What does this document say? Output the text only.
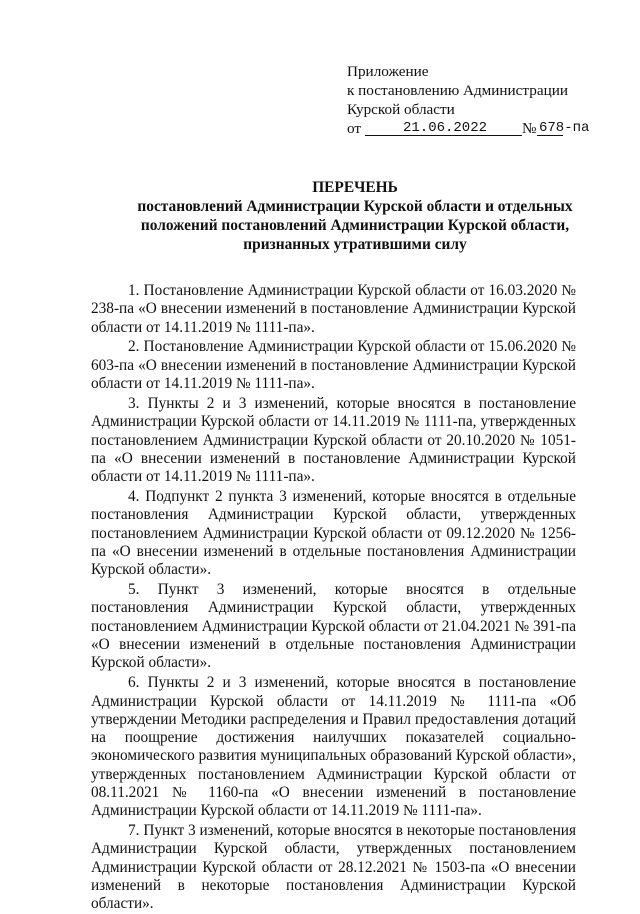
Приложение
к постановлению Администрации
Курской области
от	21.06.2022	№ 678-па
ПЕРЕЧЕНЬ
постановлений Администрации Курской области и отдельных
положений постановлений Администрации Курской области,
признанных утратившими силу

1. Постановление Администрации Курской области от 16.03.2020 № 238-па «О внесении изменений в постановление Администрации Курской области от 14.11.2019 № 1111-па».

2. Постановление Администрации Курской области от 15.06.2020 № 603-па «О внесении изменений в постановление Администрации Курской области от 14.11.2019 № 1111-па».

3. Пункты 2 и 3 изменений, которые вносятся в постановление Администрации Курской области от 14.11.2019 № 1111-па, утвержденных постановлением Администрации Курской области от 20.10.2020 № 1051-па «О внесении изменений в постановление Администрации Курской области от 14.11.2019 № 1111-па».

4. Подпункт 2 пункта 3 изменений, которые вносятся в отдельные постановления Администрации Курской области, утвержденных постановлением Администрации Курской области от 09.12.2020 № 1256-па «О внесении изменений в отдельные постановления Администрации Курской области».

5. Пункт 3 изменений, которые вносятся в отдельные постановления Администрации Курской области, утвержденных постановлением Администрации Курской области от 21.04.2021 № 391-па «О внесении изменений в отдельные постановления Администрации Курской области».

6. Пункты 2 и 3 изменений, которые вносятся в постановление Администрации Курской области от 14.11.2019 № 1111-па «Об утверждении Методики распределения и Правил предоставления дотаций на поощрение достижения наилучших показателей социально-экономического развития муниципальных образований Курской области», утвержденных постановлением Администрации Курской области от 08.11.2021 № 1160-па «О внесении изменений в постановление Администрации Курской области от 14.11.2019 № 1111-па».

7. Пункт 3 изменений, которые вносятся в некоторые постановления Администрации Курской области, утвержденных постановлением Администрации Курской области от 28.12.2021 № 1503-па «О внесении изменений в некоторые постановления Администрации Курской области».
